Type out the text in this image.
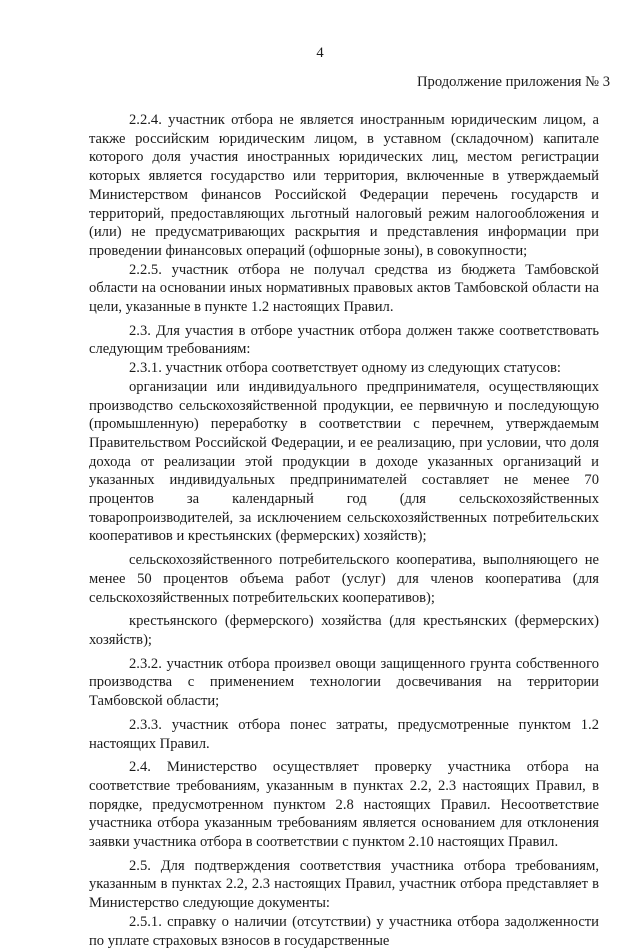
4
Продолжение приложения № 3

2.2.4. участник отбора не является иностранным юридическим лицом, а также российским юридическим лицом, в уставном (складочном) капитале которого доля участия иностранных юридических лиц, местом регистрации которых является государство или территория, включенные в утверждаемый Министерством финансов Российской Федерации перечень государств и территорий, предоставляющих льготный налоговый режим налогообложения и (или) не предусматривающих раскрытия и представления информации при проведении финансовых операций (офшорные зоны), в совокупности;

2.2.5. участник отбора не получал средства из бюджета Тамбовской области на основании иных нормативных правовых актов Тамбовской области на цели, указанные в пункте 1.2 настоящих Правил.

2.3. Для участия в отборе участник отбора должен также соответствовать следующим требованиям:

2.3.1. участник отбора соответствует одному из следующих статусов:

организации или индивидуального предпринимателя, осуществляющих производство сельскохозяйственной продукции, ее первичную и последующую (промышленную) переработку в соответствии с перечнем, утверждаемым Правительством Российской Федерации, и ее реализацию, при условии, что доля дохода от реализации этой продукции в доходе указанных организаций и указанных индивидуальных предпринимателей составляет не менее 70 процентов за календарный год (для сельскохозяйственных товаропроизводителей, за исключением сельскохозяйственных потребительских кооперативов и крестьянских (фермерских) хозяйств);

сельскохозяйственного потребительского кооператива, выполняющего не менее 50 процентов объема работ (услуг) для членов кооператива (для сельскохозяйственных потребительских кооперативов);

крестьянского (фермерского) хозяйства (для крестьянских (фермерских) хозяйств);

2.3.2. участник отбора произвел овощи защищенного грунта собственного производства с применением технологии досвечивания на территории Тамбовской области;

2.3.3. участник отбора понес затраты, предусмотренные пунктом 1.2 настоящих Правил.

2.4. Министерство осуществляет проверку участника отбора на соответствие требованиям, указанным в пунктах 2.2, 2.3 настоящих Правил, в порядке, предусмотренном пунктом 2.8 настоящих Правил. Несоответствие участника отбора указанным требованиям является основанием для отклонения заявки участника отбора в соответствии с пунктом 2.10 настоящих Правил.

2.5. Для подтверждения соответствия участника отбора требованиям, указанным в пунктах 2.2, 2.3 настоящих Правил, участник отбора представляет в Министерство следующие документы:

2.5.1. справку о наличии (отсутствии) у участника отбора задолженности по уплате страховых взносов в государственные
